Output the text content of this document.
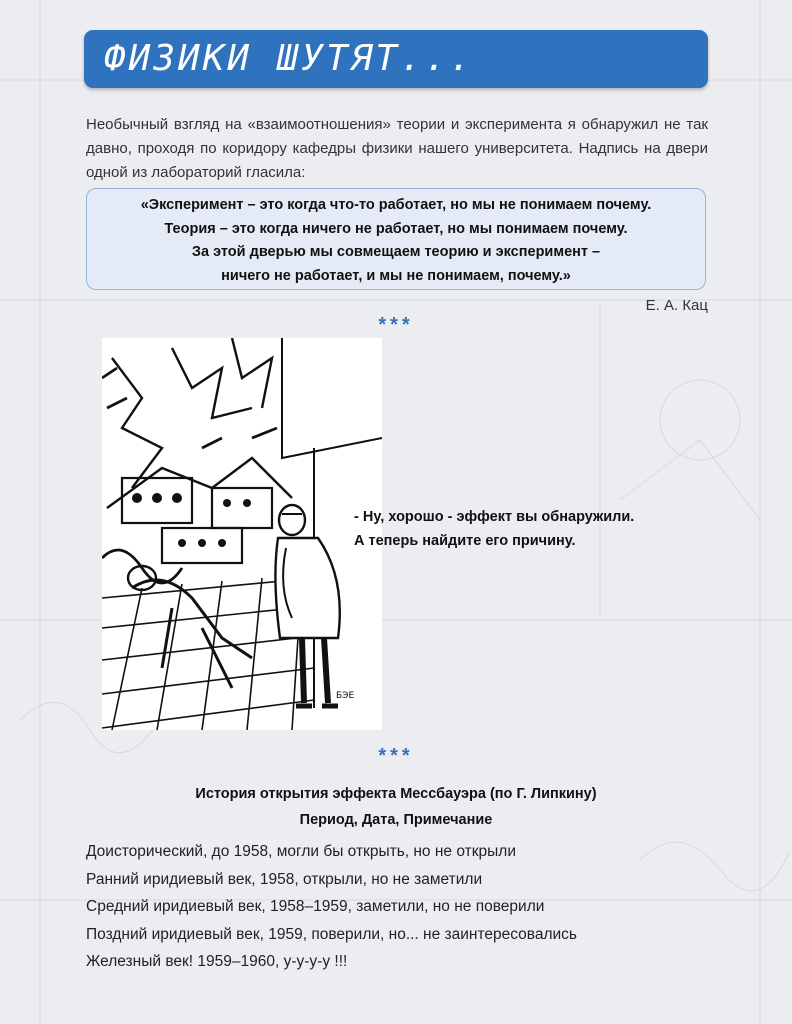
ФИЗИКИ ШУТЯТ...
Необычный взгляд на «взаимоотношения» теории и эксперимента я обнаружил не так давно, проходя по коридору кафедры физики нашего университета. Надпись на двери одной из лабораторий гласила:
«Эксперимент – это когда что-то работает, но мы не понимаем почему.
Теория – это когда ничего не работает, но мы понимаем почему.
За этой дверью мы совмещаем теорию и эксперимент –
ничего не работает, и мы не понимаем, почему.»
Е. А. Кац
***
БЭЕ
- Ну, хорошо - эффект вы обнаружили.
А теперь найдите его причину.
***
История открытия эффекта Мессбауэра (по Г. Липкину)
Период, Дата, Примечание
Доисторический, до 1958, могли бы открыть, но не открыли
Ранний иридиевый век, 1958, открыли, но не заметили
Средний иридиевый век, 1958–1959, заметили, но не поверили
Поздний иридиевый век, 1959, поверили, но... не заинтересовались
Железный век! 1959–1960, у-у-у-у !!!
